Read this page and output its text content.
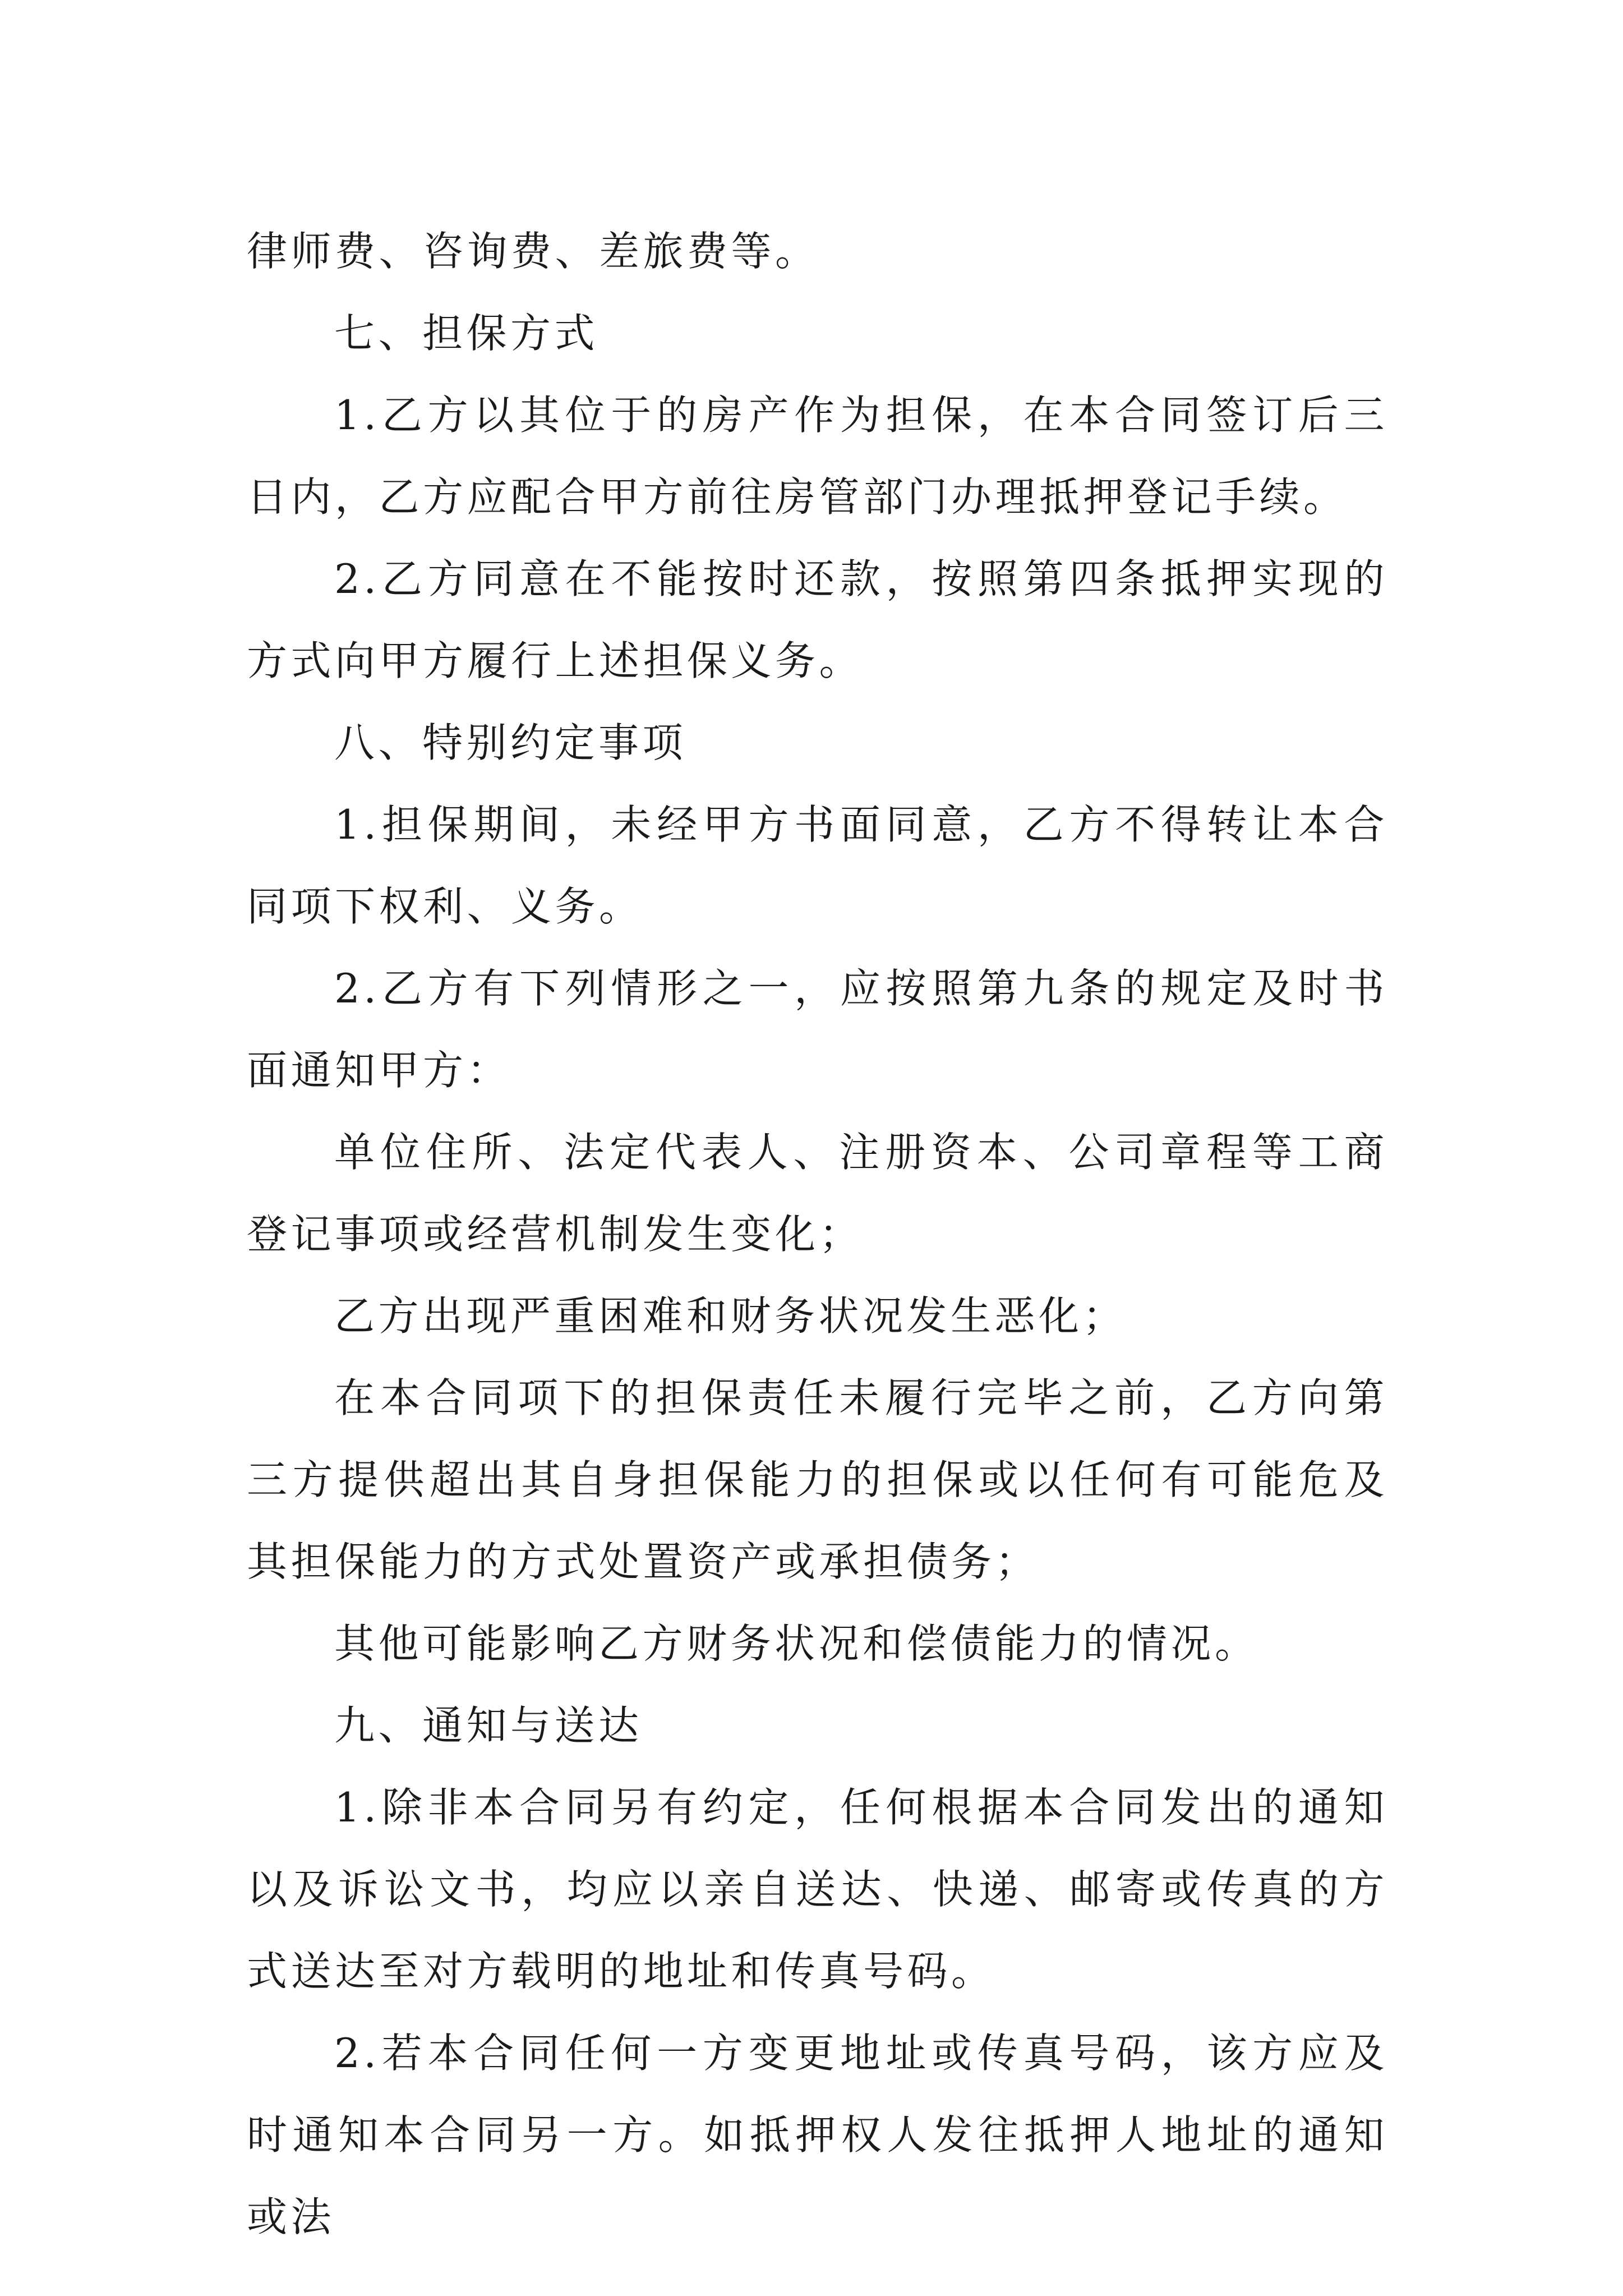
律师费、咨询费、差旅费等。

七、担保方式

1.乙方以其位于的房产作为担保，在本合同签订后三日内，乙方应配合甲方前往房管部门办理抵押登记手续。

2.乙方同意在不能按时还款，按照第四条抵押实现的方式向甲方履行上述担保义务。

八、特别约定事项

1.担保期间，未经甲方书面同意，乙方不得转让本合同项下权利、义务。

2.乙方有下列情形之一，应按照第九条的规定及时书面通知甲方：

单位住所、法定代表人、注册资本、公司章程等工商登记事项或经营机制发生变化；

乙方出现严重困难和财务状况发生恶化；

在本合同项下的担保责任未履行完毕之前，乙方向第三方提供超出其自身担保能力的担保或以任何有可能危及其担保能力的方式处置资产或承担债务；

其他可能影响乙方财务状况和偿债能力的情况。

九、通知与送达

1.除非本合同另有约定，任何根据本合同发出的通知以及诉讼文书，均应以亲自送达、快递、邮寄或传真的方式送达至对方载明的地址和传真号码。

2.若本合同任何一方变更地址或传真号码，该方应及时通知本合同另一方。如抵押权人发往抵押人地址的通知或法
